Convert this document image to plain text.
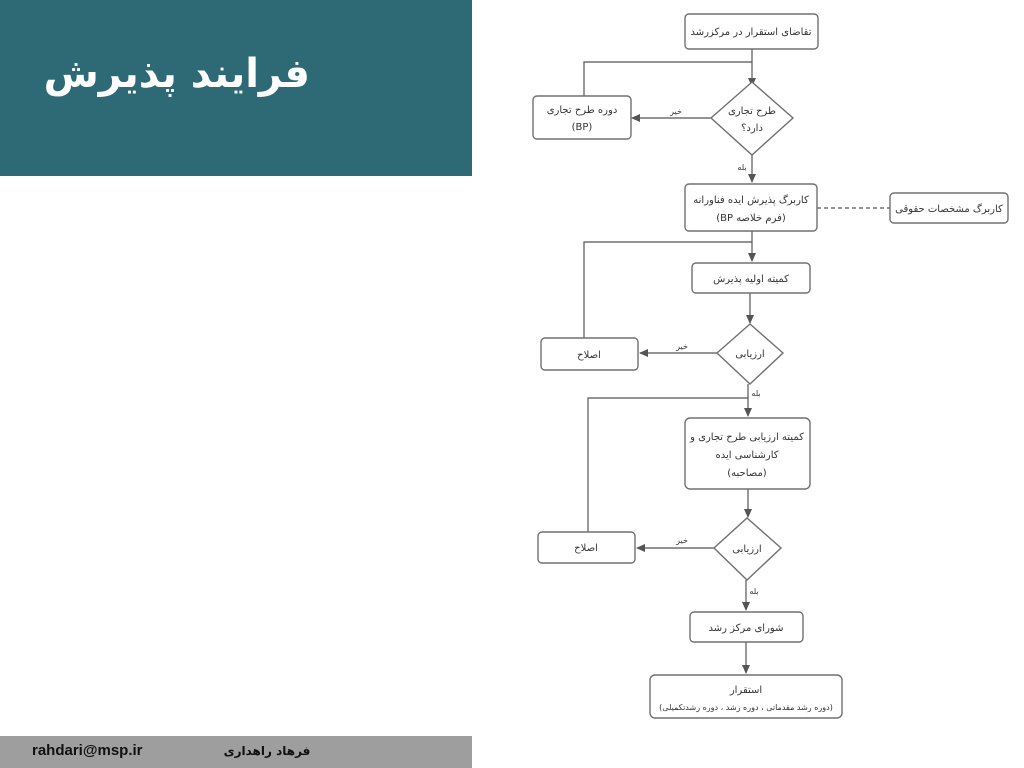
فرایند پذیرش
خیر
بله
خیر
بله
خیر
بله
تقاضای استقرار در مرکزرشد
طرح تجاری
دارد؟
دوره طرح تجاری
(BP)
کاربرگ پذیرش ایده فناورانه
(فرم خلاصه BP)
کاربرگ مشخصات حقوقی
کمیته اولیه پذیرش
ارزیابی
اصلاح
کمیته ارزیابی طرح تجاری و
کارشناسی ایده
(مصاحبه)
ارزیابی
اصلاح
شورای مرکز رشد
استقرار
(دوره رشد مقدماتی ، دوره رشد ، دوره رشدتکمیلی)
rahdari@msp.ir	فرهاد راهداری
